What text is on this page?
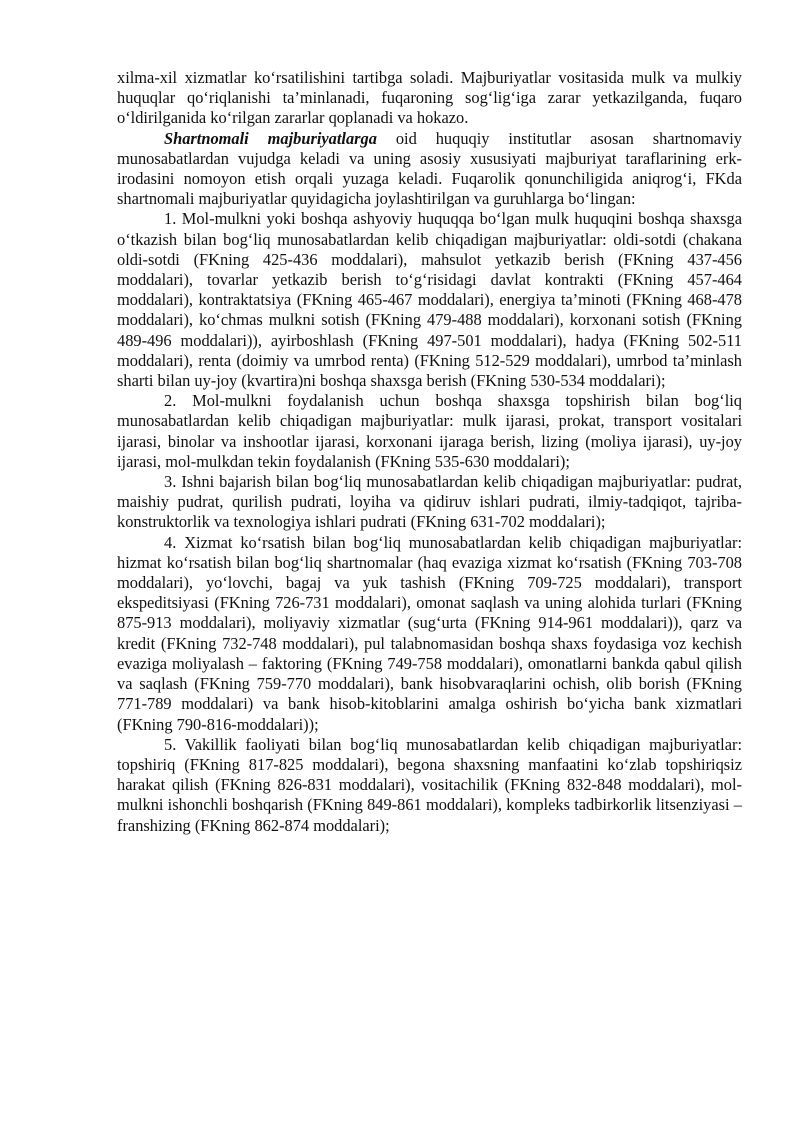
xilma-xil xizmatlar ko‘rsatilishini tartibga soladi. Majburiyatlar vositasida mulk va mulkiy huquqlar qo‘riqlanishi ta’minlanadi, fuqaroning sog‘lig‘iga zarar yetkazilganda, fuqaro o‘ldirilganida ko‘rilgan zararlar qoplanadi va hokazo.

Shartnomali majburiyatlarga oid huquqiy institutlar asosan shartnomaviy munosabatlardan vujudga keladi va uning asosiy xususiyati majburiyat taraflarining erk-irodasini nomoyon etish orqali yuzaga keladi. Fuqarolik qonunchiligida aniqrog‘i, FKda shartnomali majburiyatlar quyidagicha joylashtirilgan va guruhlarga bo‘lingan:

1. Mol-mulkni yoki boshqa ashyoviy huquqqa bo‘lgan mulk huquqini boshqa shaxsga o‘tkazish bilan bog‘liq munosabatlardan kelib chiqadigan majburiyatlar: oldi-sotdi (chakana oldi-sotdi (FKning 425-436 moddalari), mahsulot yetkazib berish (FKning 437-456 moddalari), tovarlar yetkazib berish to‘g‘risidagi davlat kontrakti (FKning 457-464 moddalari), kontraktatsiya (FKning 465-467 moddalari), energiya ta’minoti (FKning 468-478 moddalari), ko‘chmas mulkni sotish (FKning 479-488 moddalari), korxonani sotish (FKning 489-496 moddalari)), ayirboshlash (FKning 497-501 moddalari), hadya (FKning 502-511 moddalari), renta (doimiy va umrbod renta) (FKning 512-529 moddalari), umrbod ta’minlash sharti bilan uy-joy (kvartira)ni boshqa shaxsga berish (FKning 530-534 moddalari);

2. Mol-mulkni foydalanish uchun boshqa shaxsga topshirish bilan bog‘liq munosabatlardan kelib chiqadigan majburiyatlar: mulk ijarasi, prokat, transport vositalari ijarasi, binolar va inshootlar ijarasi, korxonani ijaraga berish, lizing (moliya ijarasi), uy-joy ijarasi, mol-mulkdan tekin foydalanish (FKning 535-630 moddalari);

3. Ishni bajarish bilan bog‘liq munosabatlardan kelib chiqadigan majburiyatlar: pudrat, maishiy pudrat, qurilish pudrati, loyiha va qidiruv ishlari pudrati, ilmiy-tadqiqot, tajriba-konstruktorlik va texnologiya ishlari pudrati (FKning 631-702 moddalari);

4. Xizmat ko‘rsatish bilan bog‘liq munosabatlardan kelib chiqadigan majburiyatlar: hizmat ko‘rsatish bilan bog‘liq shartnomalar (haq evaziga xizmat ko‘rsatish (FKning 703-708 moddalari), yo‘lovchi, bagaj va yuk tashish (FKning 709-725 moddalari), transport ekspeditsiyasi (FKning 726-731 moddalari), omonat saqlash va uning alohida turlari (FKning 875-913 moddalari), moliyaviy xizmatlar (sug‘urta (FKning 914-961 moddalari)), qarz va kredit (FKning 732-748 moddalari), pul talabnomasidan boshqa shaxs foydasiga voz kechish evaziga moliyalash – faktoring (FKning 749-758 moddalari), omonatlarni bankda qabul qilish va saqlash (FKning 759-770 moddalari), bank hisobvaraqlarini ochish, olib borish (FKning 771-789 moddalari) va bank hisob-kitoblarini amalga oshirish bo‘yicha bank xizmatlari (FKning 790-816-moddalari));

5. Vakillik faoliyati bilan bog‘liq munosabatlardan kelib chiqadigan majburiyatlar: topshiriq (FKning 817-825 moddalari), begona shaxsning manfaatini ko‘zlab topshiriqsiz harakat qilish (FKning 826-831 moddalari), vositachilik (FKning 832-848 moddalari), mol-mulkni ishonchli boshqarish (FKning 849-861 moddalari), kompleks tadbirkorlik litsenziyasi – franshizing (FKning 862-874 moddalari);
